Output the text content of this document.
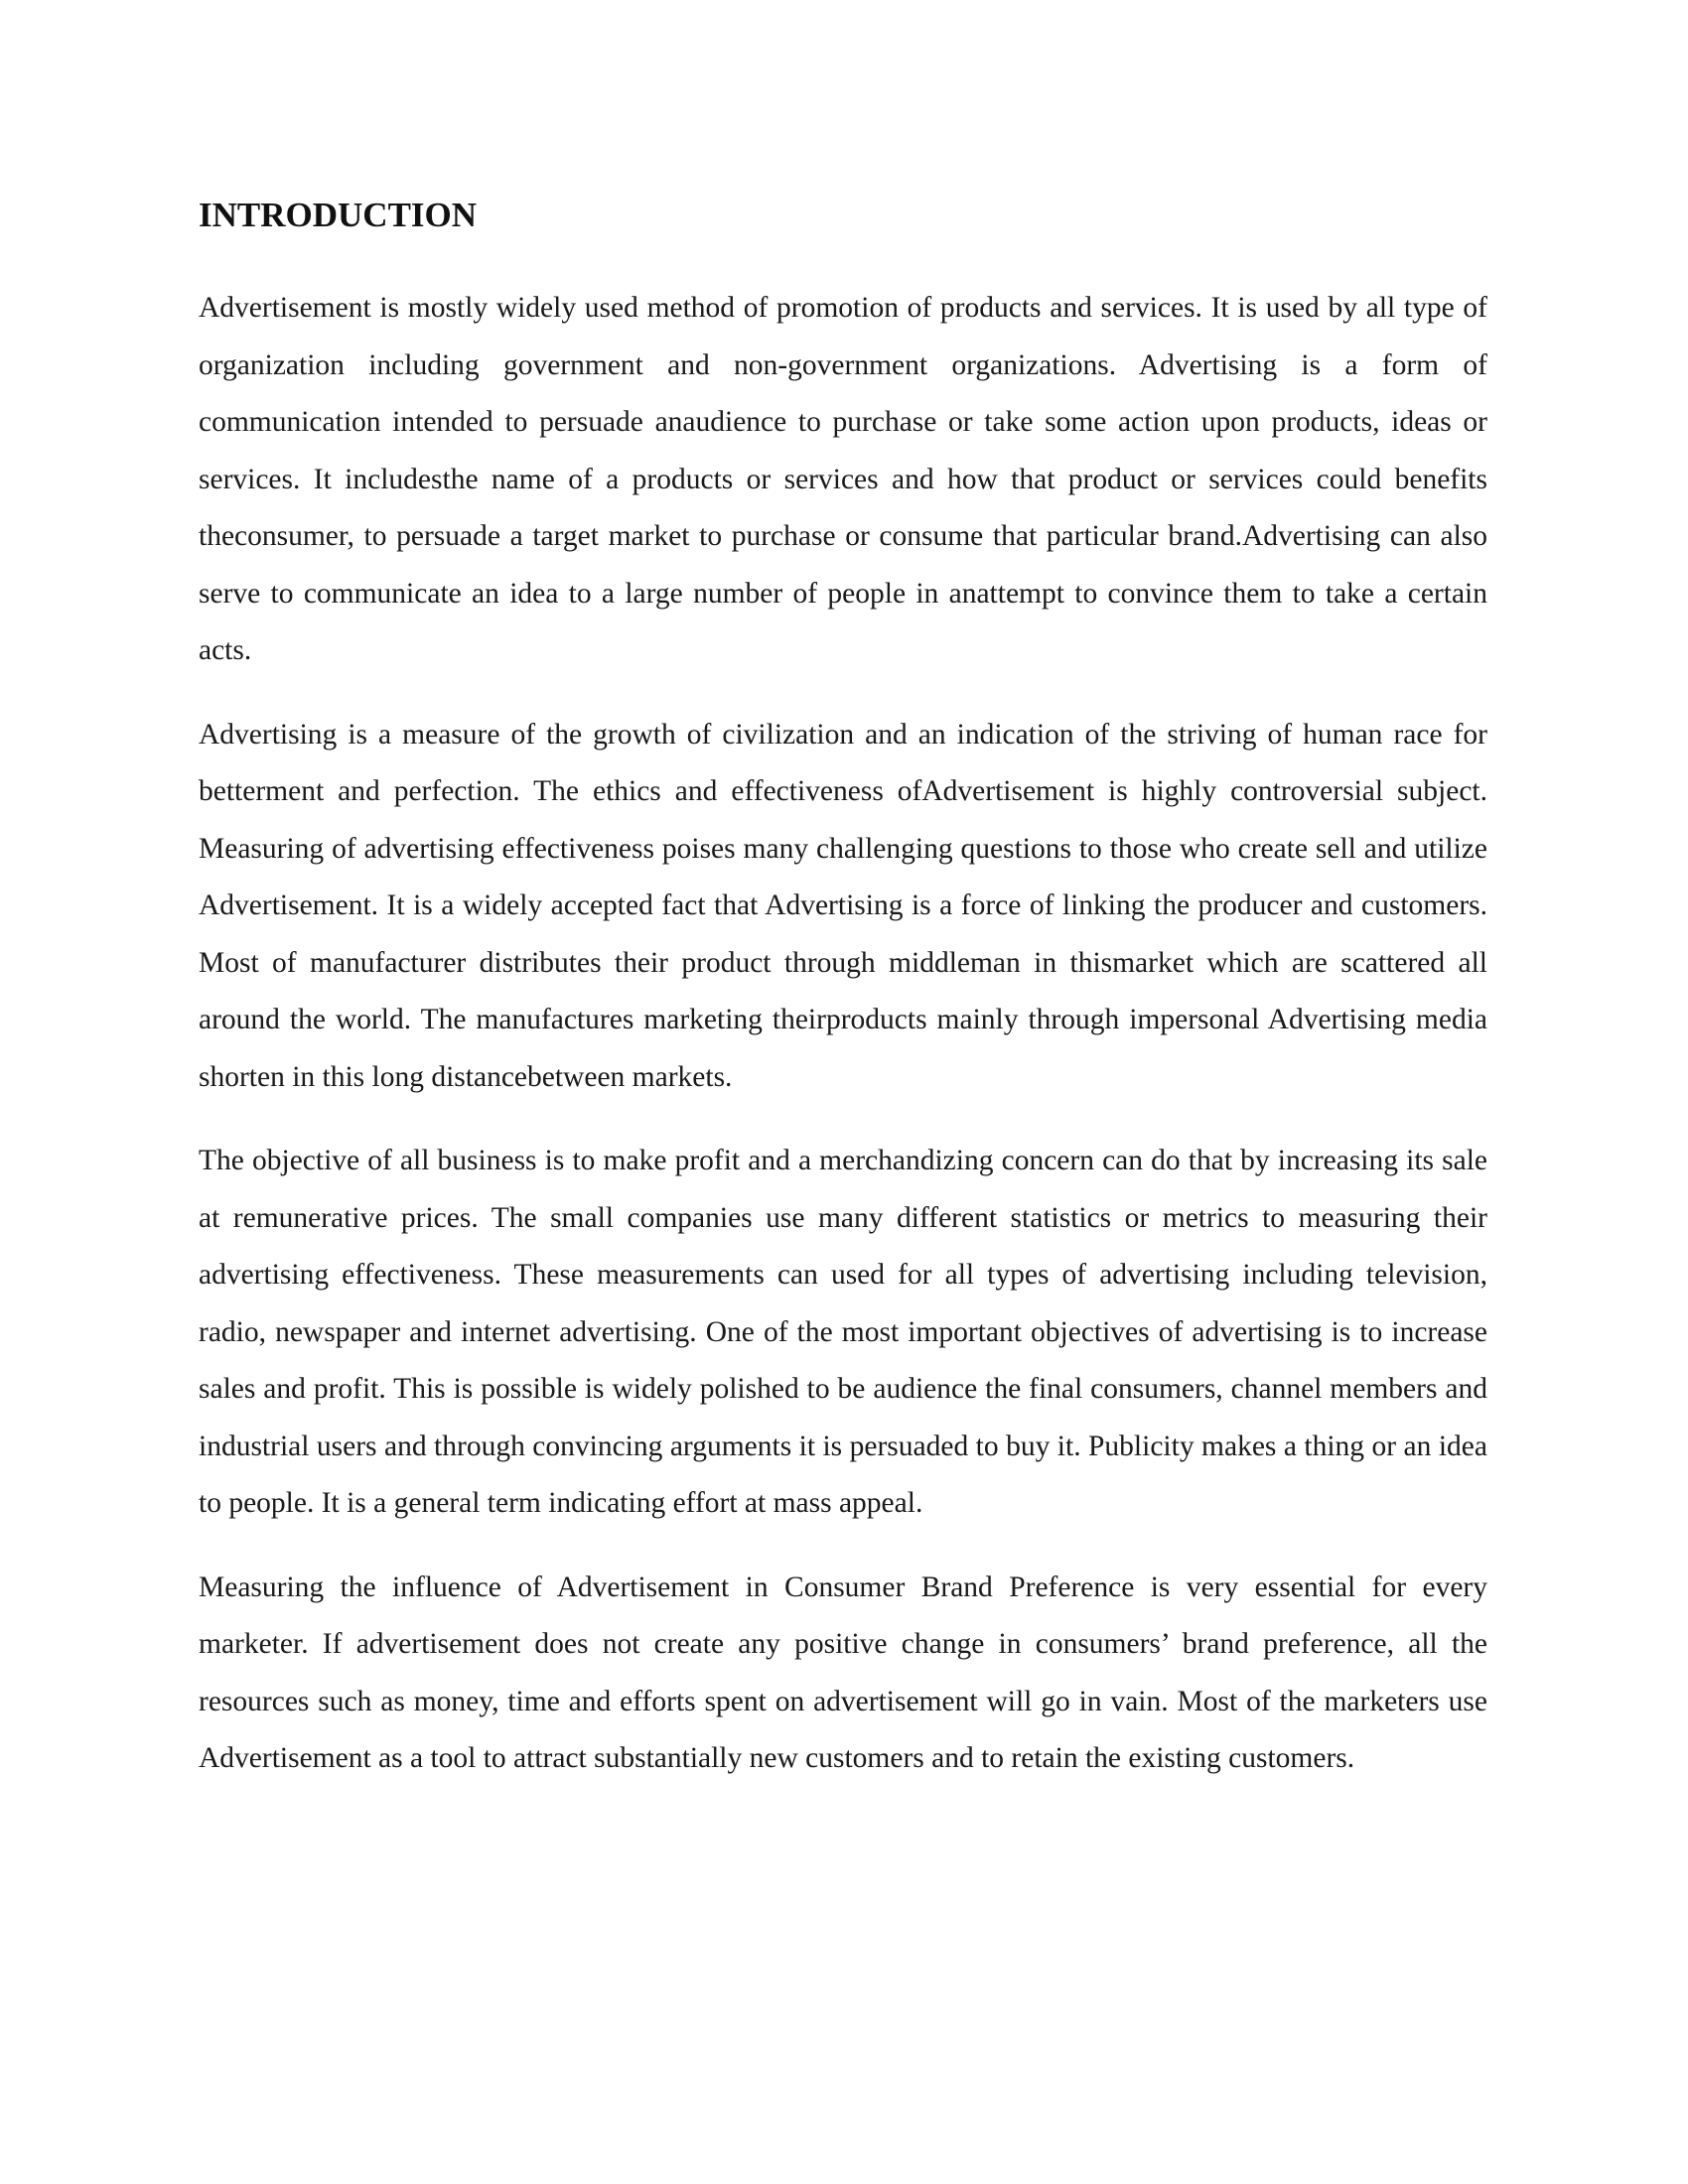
INTRODUCTION

Advertisement is mostly widely used method of promotion of products and services. It is used by all type of organization including government and non-government organizations. Advertising is a form of communication intended to persuade anaudience to purchase or take some action upon products, ideas or services. It includesthe name of a products or services and how that product or services could benefits theconsumer, to persuade a target market to purchase or consume that particular brand.Advertising can also serve to communicate an idea to a large number of people in anattempt to convince them to take a certain acts.

Advertising is a measure of the growth of civilization and an indication of the striving of human race for betterment and perfection. The ethics and effectiveness ofAdvertisement is highly controversial subject. Measuring of advertising effectiveness poises many challenging questions to those who create sell and utilize Advertisement. It is a widely accepted fact that Advertising is a force of linking the producer and customers. Most of manufacturer distributes their product through middleman in thismarket which are scattered all around the world. The manufactures marketing theirproducts mainly through impersonal Advertising media shorten in this long distancebetween markets.

The objective of all business is to make profit and a merchandizing concern can do that by increasing its sale at remunerative prices. The small companies use many different statistics or metrics to measuring their advertising effectiveness. These measurements can used for all types of advertising including television, radio, newspaper and internet advertising. One of the most important objectives of advertising is to increase sales and profit. This is possible is widely polished to be audience the final consumers, channel members and industrial users and through convincing arguments it is persuaded to buy it. Publicity makes a thing or an idea to people. It is a general term indicating effort at mass appeal.

Measuring the influence of Advertisement in Consumer Brand Preference is very essential for every marketer. If advertisement does not create any positive change in consumers’ brand preference, all the resources such as money, time and efforts spent on advertisement will go in vain. Most of the marketers use Advertisement as a tool to attract substantially new customers and to retain the existing customers.
